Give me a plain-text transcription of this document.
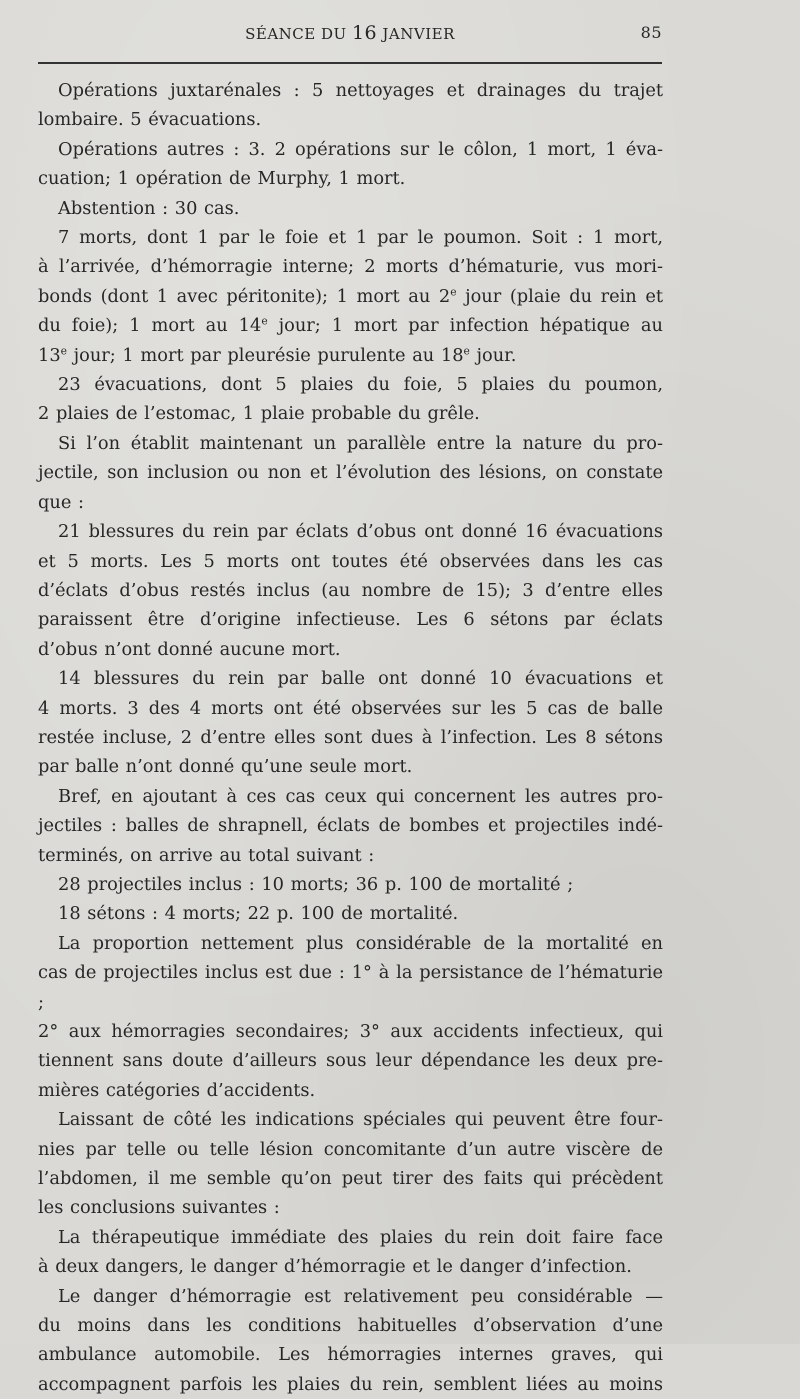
SÉANCE DU 16 JANVIER	85

Opérations juxtarénales : 5 nettoyages et drainages du trajet

lombaire. 5 évacuations.

Opérations autres : 3. 2 opérations sur le côlon, 1 mort, 1 éva-

cuation; 1 opération de Murphy, 1 mort.

Abstention : 30 cas.

7 morts, dont 1 par le foie et 1 par le poumon. Soit : 1 mort,

à l’arrivée, d’hémorragie interne; 2 morts d’hématurie, vus mori-

bonds (dont 1 avec péritonite); 1 mort au 2e jour (plaie du rein et

du foie); 1 mort au 14e jour; 1 mort par infection hépatique au

13e jour; 1 mort par pleurésie purulente au 18e jour.

23 évacuations, dont 5 plaies du foie, 5 plaies du poumon,

2 plaies de l’estomac, 1 plaie probable du grêle.

Si l’on établit maintenant un parallèle entre la nature du pro-

jectile, son inclusion ou non et l’évolution des lésions, on constate

que :

21 blessures du rein par éclats d’obus ont donné 16 évacuations

et 5 morts. Les 5 morts ont toutes été observées dans les cas

d’éclats d’obus restés inclus (au nombre de 15); 3 d’entre elles

paraissent être d’origine infectieuse. Les 6 sétons par éclats

d’obus n’ont donné aucune mort.

14 blessures du rein par balle ont donné 10 évacuations et

4 morts. 3 des 4 morts ont été observées sur les 5 cas de balle

restée incluse, 2 d’entre elles sont dues à l’infection. Les 8 sétons

par balle n’ont donné qu’une seule mort.

Bref, en ajoutant à ces cas ceux qui concernent les autres pro-

jectiles : balles de shrapnell, éclats de bombes et projectiles indé-

terminés, on arrive au total suivant :

28 projectiles inclus : 10 morts; 36 p. 100 de mortalité ;

18 sétons : 4 morts; 22 p. 100 de mortalité.

La proportion nettement plus considérable de la mortalité en

cas de projectiles inclus est due : 1° à la persistance de l’hématurie ;

2° aux hémorragies secondaires; 3° aux accidents infectieux, qui

tiennent sans doute d’ailleurs sous leur dépendance les deux pre-

mières catégories d’accidents.

Laissant de côté les indications spéciales qui peuvent être four-

nies par telle ou telle lésion concomitante d’un autre viscère de

l’abdomen, il me semble qu’on peut tirer des faits qui précèdent

les conclusions suivantes :

La thérapeutique immédiate des plaies du rein doit faire face

à deux dangers, le danger d’hémorragie et le danger d’infection.

Le danger d’hémorragie est relativement peu considérable —

du moins dans les conditions habituelles d’observation d’une

ambulance automobile. Les hémorragies internes graves, qui

accompagnent parfois les plaies du rein, semblent liées au moins
